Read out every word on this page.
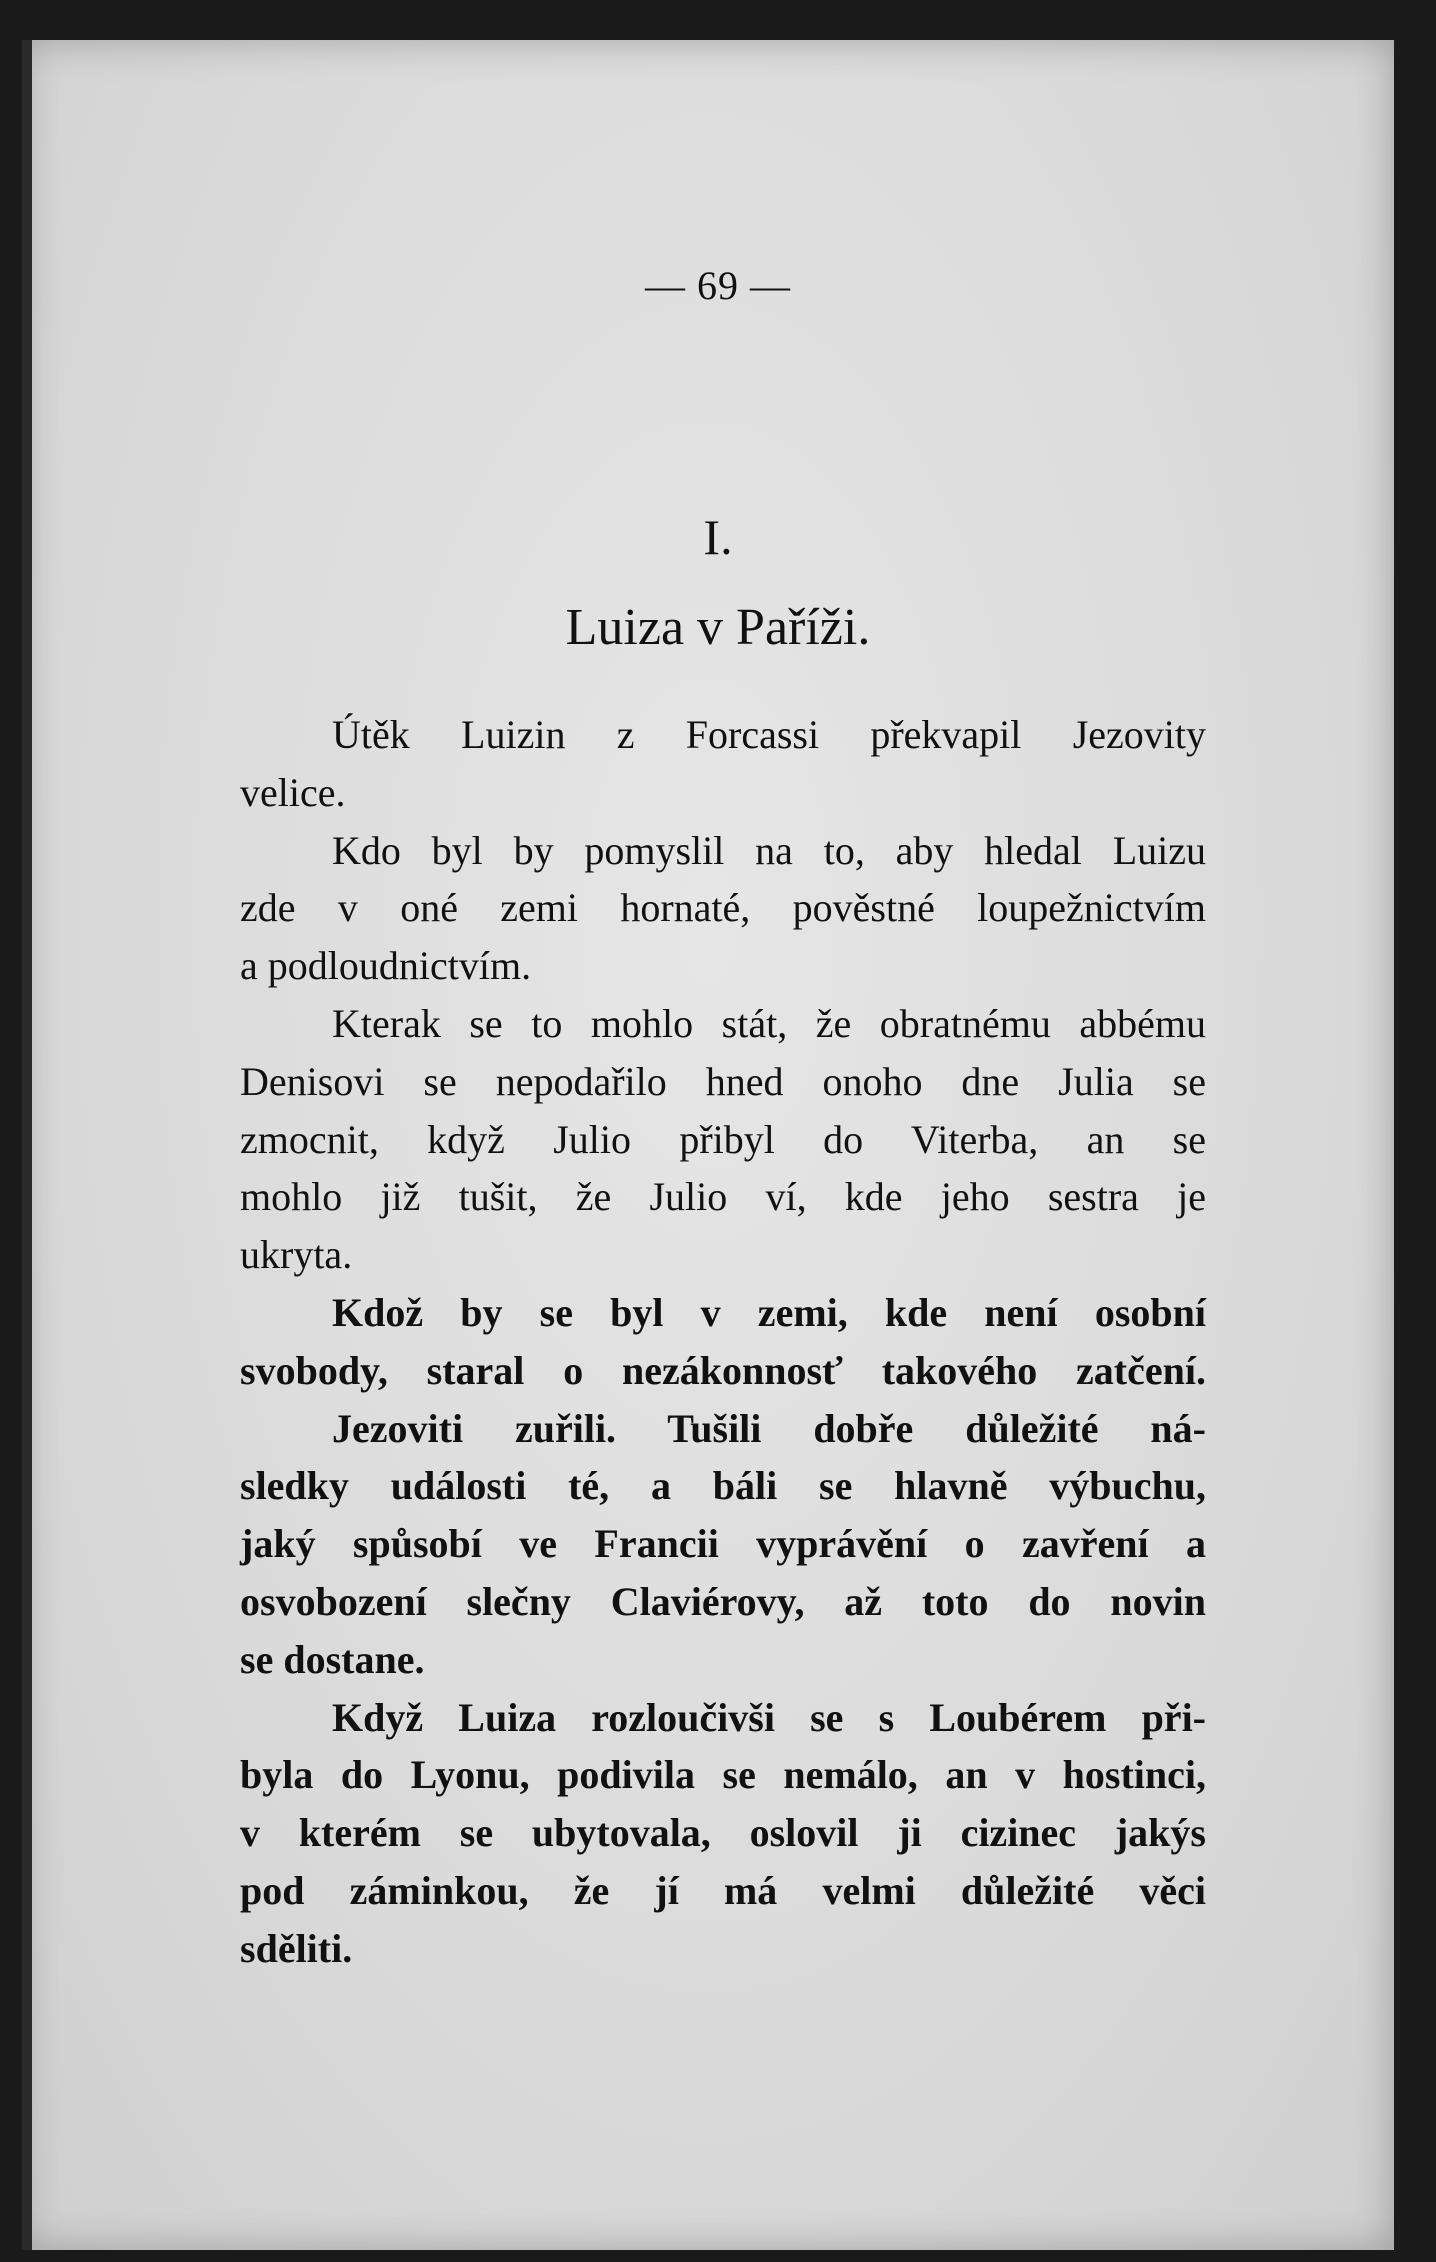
— 69 —
I.
Luiza v Paříži.
Útěk Luizin z Forcassi překvapil Jezovity
velice.
Kdo byl by pomyslil na to, aby hledal Luizu
zde v oné zemi hornaté, pověstné loupežnictvím
a podloudnictvím.
Kterak se to mohlo stát, že obratnému abbému
Denisovi se nepodařilo hned onoho dne Julia se
zmocnit, když Julio přibyl do Viterba, an se
mohlo již tušit, že Julio ví, kde jeho sestra je
ukryta.
Kdož by se byl v zemi, kde není osobní
svobody, staral o nezákonnosť takového zatčení.
Jezoviti zuřili. Tušili dobře důležité ná-
sledky události té, a báli se hlavně výbuchu,
jaký spůsobí ve Francii vyprávění o zavření a
osvobození slečny Claviérovy, až toto do novin
se dostane.
Když Luiza rozloučivši se s Loubérem při-
byla do Lyonu, podivila se nemálo, an v hostinci,
v kterém se ubytovala, oslovil ji cizinec jakýs
pod záminkou, že jí má velmi důležité věci
sděliti.
